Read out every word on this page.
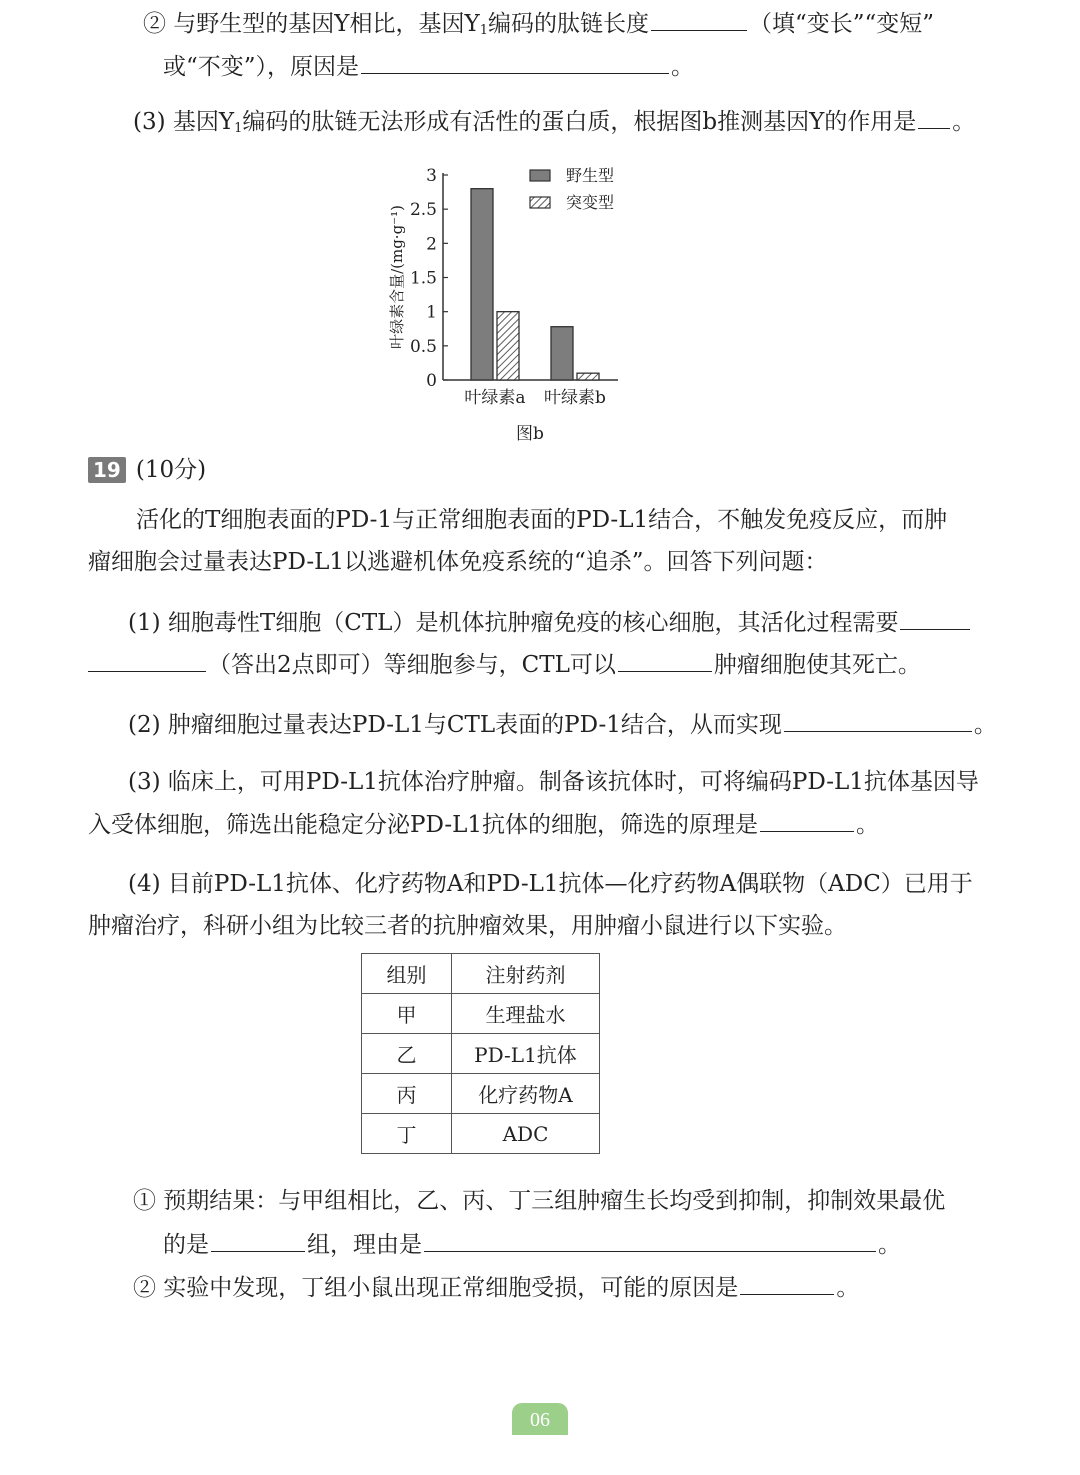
② 与野生型的基因Y相比，基因$Y_1$编码的肽链长度	（填“变长”“变短”
或“不变”），原因是	。
(3) 基因$Y_1$编码的肽链无法形成有活性的蛋白质，根据图b推测基因Y的作用是 。
叶绿素含量/(mg·g⁻¹)
0
0.5
1
1.5
2
2.5
3
叶绿素a 叶绿素b
野生型
突变型
图b
19 (10分)
活化的T细胞表面的PD-1与正常细胞表面的PD-L1结合，不触发免疫反应，而肿
瘤细胞会过量表达PD-L1以逃避机体免疫系统的“追杀”。回答下列问题：
(1) 细胞毒性T细胞（CTL）是机体抗肿瘤免疫的核心细胞，其活化过程需要
（答出2点即可）等细胞参与，CTL可以	肿瘤细胞使其死亡。
(2) 肿瘤细胞过量表达PD-L1与CTL表面的PD-1结合，从而实现	。
(3) 临床上，可用PD-L1抗体治疗肿瘤。制备该抗体时，可将编码PD-L1抗体基因导
入受体细胞，筛选出能稳定分泌PD-L1抗体的细胞，筛选的原理是	。
(4) 目前PD-L1抗体、化疗药物A和PD-L1抗体—化疗药物A偶联物（ADC）已用于
肿瘤治疗，科研小组为比较三者的抗肿瘤效果，用肿瘤小鼠进行以下实验。
组别	注射药剂
甲	生理盐水
乙	PD-L1抗体
丙	化疗药物A
丁	ADC
① 预期结果：与甲组相比，乙、丙、丁三组肿瘤生长均受到抑制，抑制效果最优
的是	组，理由是	。
② 实验中发现，丁组小鼠出现正常细胞受损，可能的原因是	。
06
